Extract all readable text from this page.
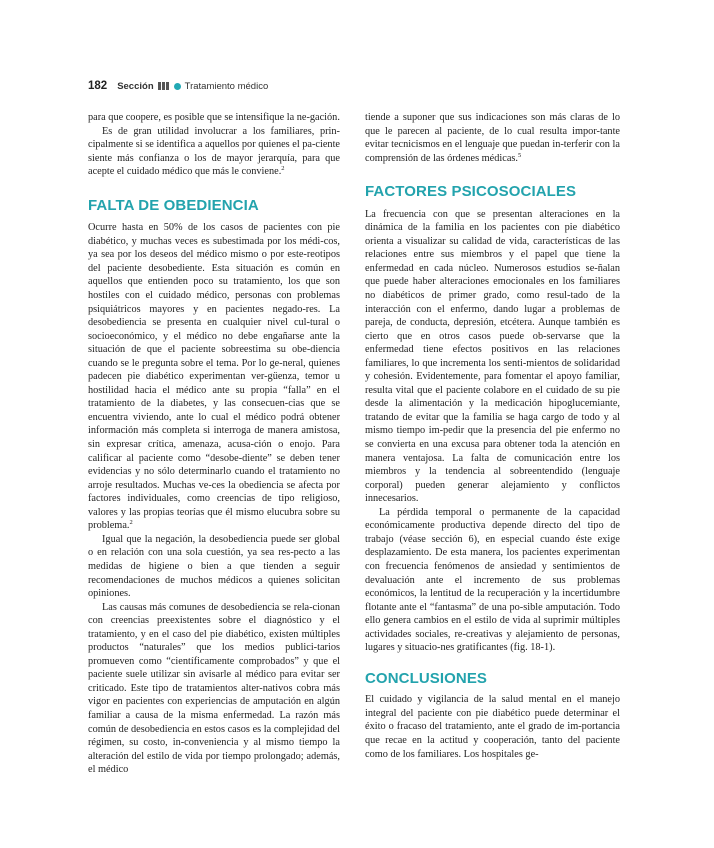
182 Sección	Tratamiento médico

para que coopere, es posible que se intensifique la ne-gación.

Es de gran utilidad involucrar a los familiares, prin-cipalmente si se identifica a aquellos por quienes el pa-ciente siente más confianza o los de mayor jerarquía, para que acepte el cuidado médico que más le conviene.$^2$

FALTA DE OBEDIENCIA

Ocurre hasta en 50% de los casos de pacientes con pie diabético, y muchas veces es subestimada por los médi-cos, ya sea por los deseos del médico mismo o por este-reotipos del paciente desobediente. Esta situación es común en aquellos que entienden poco su tratamiento, los que son hostiles con el cuidado médico, personas con problemas psiquiátricos mayores y en pacientes negado-res. La desobediencia se presenta en cualquier nivel cul-tural o socioeconómico, y el médico no debe engañarse ante la situación de que el paciente sobreestima su obe-diencia cuando se le pregunta sobre el tema. Por lo ge-neral, quienes padecen pie diabético experimentan ver-güenza, temor u hostilidad hacia el médico ante su propia “falla” en el tratamiento de la diabetes, y las consecuen-cias que se encuentra viviendo, ante lo cual el médico podrá obtener información más completa si interroga de manera amistosa, sin expresar crítica, amenaza, acusa-ción o enojo. Para calificar al paciente como “desobe-diente” se deben tener evidencias y no sólo determinarlo cuando el tratamiento no arroje resultados. Muchas ve-ces la obediencia se afecta por factores individuales, como creencias de tipo religioso, valores y las propias teorías que él mismo elucubra sobre su problema.$^2$

Igual que la negación, la desobediencia puede ser global o en relación con una sola cuestión, ya sea res-pecto a las medidas de higiene o bien a que tienden a seguir recomendaciones de muchos médicos a quienes solicitan opiniones.

Las causas más comunes de desobediencia se rela-cionan con creencias preexistentes sobre el diagnóstico y el tratamiento, y en el caso del pie diabético, existen múltiples productos “naturales” que los medios publici-tarios promueven como “científicamente comprobados” y que el paciente suele utilizar sin avisarle al médico para evitar ser criticado. Este tipo de tratamientos alter-nativos cobra más vigor en pacientes con experiencias de amputación en algún familiar a causa de la misma enfermedad. La razón más común de desobediencia en estos casos es la complejidad del régimen, su costo, in-conveniencia y al mismo tiempo la alteración del estilo de vida por tiempo prolongado; además, el médico

tiende a suponer que sus indicaciones son más claras de lo que le parecen al paciente, de lo cual resulta impor-tante evitar tecnicismos en el lenguaje que puedan in-terferir con la comprensión de las órdenes médicas.$^5$

FACTORES PSICOSOCIALES

La frecuencia con que se presentan alteraciones en la dinámica de la familia en los pacientes con pie diabético orienta a visualizar su calidad de vida, características de las relaciones entre sus miembros y el papel que tiene la enfermedad en cada núcleo. Numerosos estudios se-ñalan que puede haber alteraciones emocionales en los familiares no diabéticos de primer grado, como resul-tado de la interacción con el enfermo, dando lugar a problemas de pareja, de conducta, depresión, etcétera. Aunque también es cierto que en otros casos puede ob-servarse que la enfermedad tiene efectos positivos en las relaciones familiares, lo que incrementa los senti-mientos de solidaridad y cohesión. Evidentemente, para fomentar el apoyo familiar, resulta vital que el paciente colabore en el cuidado de su pie desde la alimentación y la medicación hipoglucemiante, tratando de evitar que la familia se haga cargo de todo y al mismo tiempo im-pedir que la presencia del pie enfermo no se convierta en una excusa para obtener toda la atención en manera ventajosa. La falta de comunicación entre los miembros y la tendencia al sobreentendido (lenguaje corporal) pueden generar alejamiento y conflictos innecesarios.

La pérdida temporal o permanente de la capacidad económicamente productiva depende directo del tipo de trabajo (véase sección 6), en especial cuando éste exige desplazamiento. De esta manera, los pacientes experimentan con frecuencia fenómenos de ansiedad y sentimientos de devaluación ante el incremento de sus problemas económicos, la lentitud de la recuperación y la incertidumbre flotante ante el “fantasma” de una po-sible amputación. Todo ello genera cambios en el estilo de vida al suprimir múltiples actividades sociales, re-creativas y alejamiento de personas, lugares y situacio-nes gratificantes (fig. 18-1).

CONCLUSIONES

El cuidado y vigilancia de la salud mental en el manejo integral del paciente con pie diabético puede determinar el éxito o fracaso del tratamiento, ante el grado de im-portancia que recae en la actitud y cooperación, tanto del paciente como de los familiares. Los hospitales ge-
